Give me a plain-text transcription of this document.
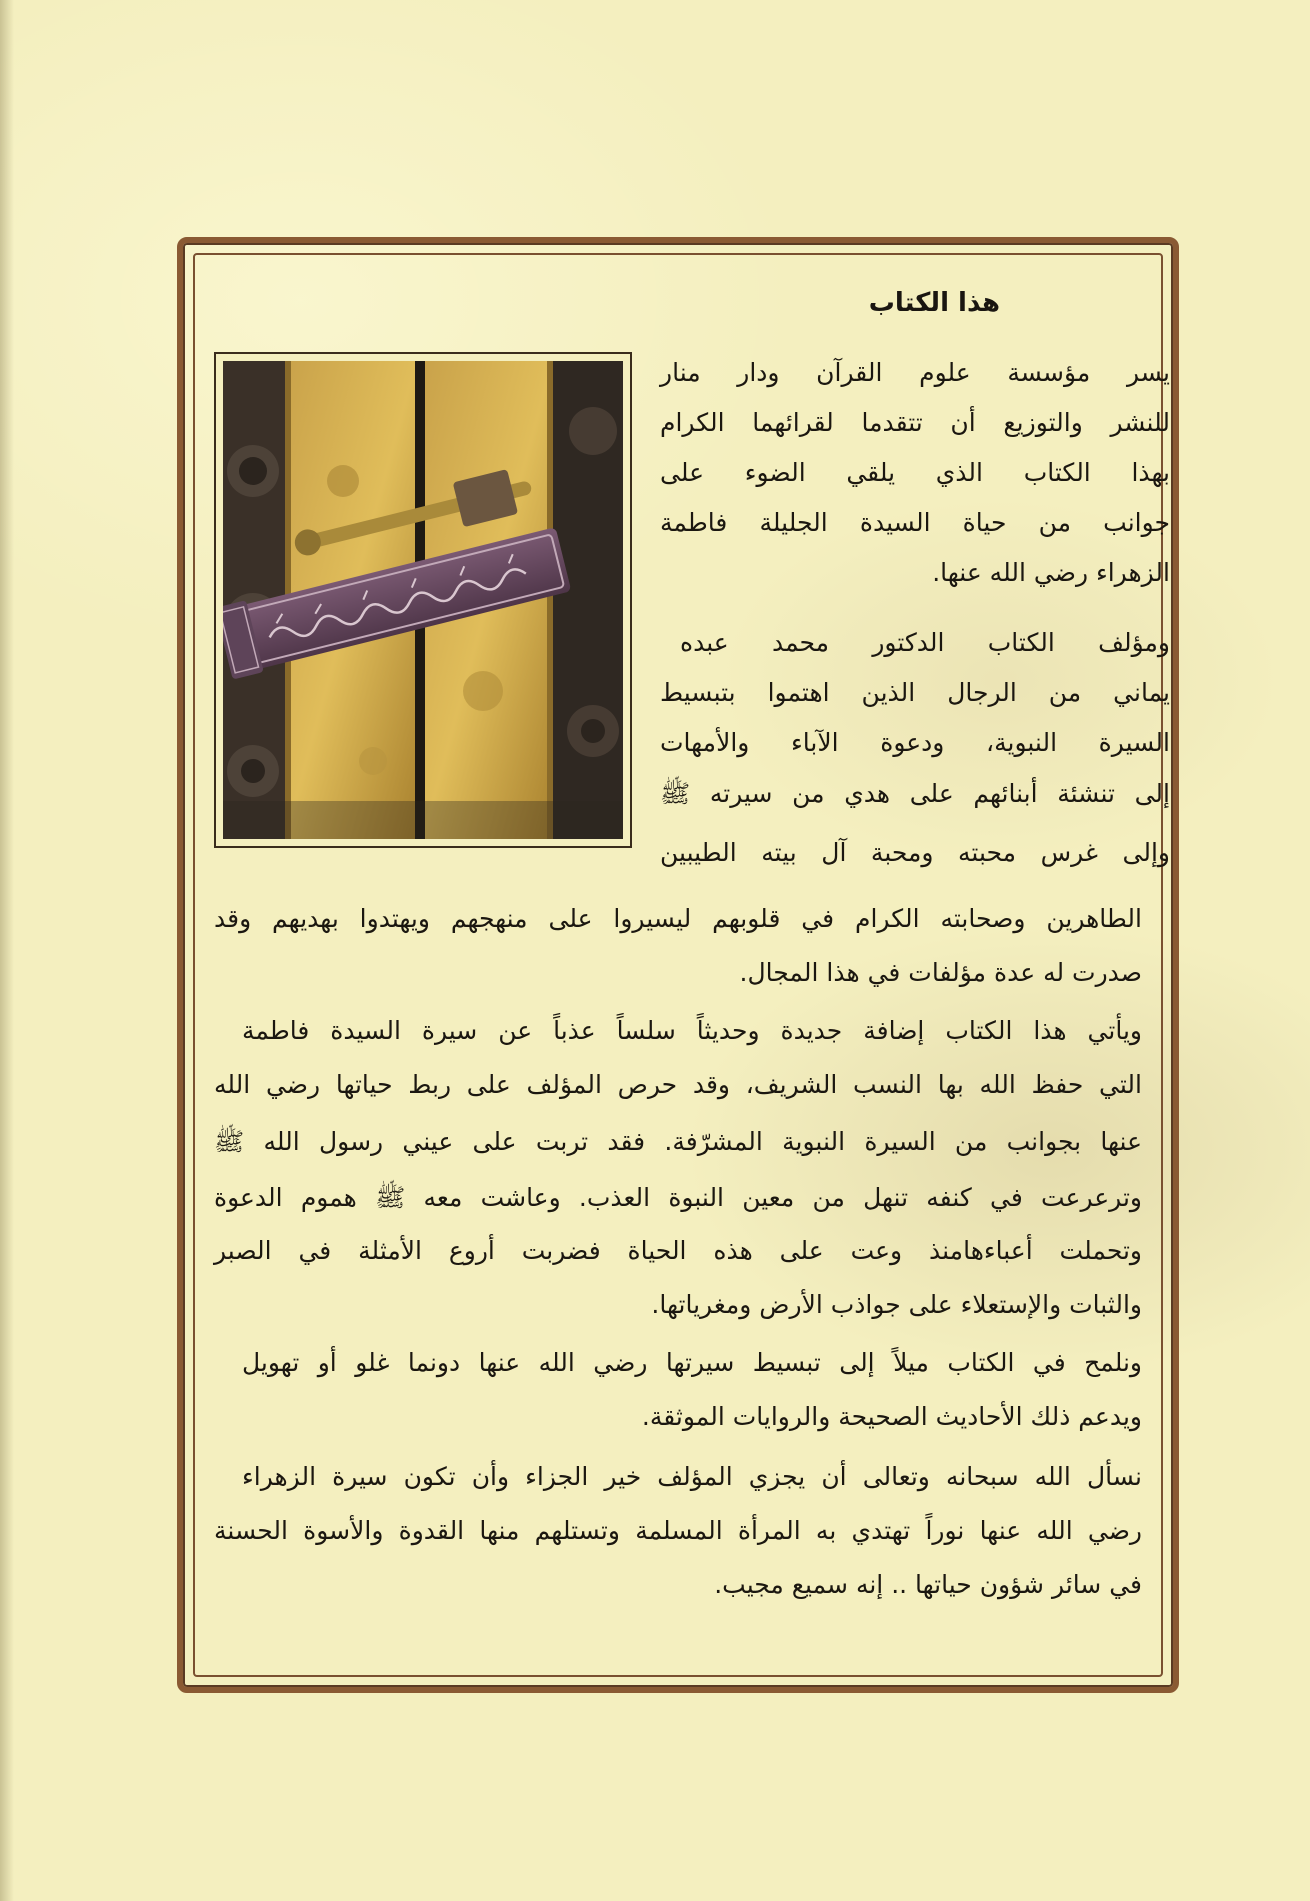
هذا الكتاب
يسر مؤسسة علوم القرآن ودار منار
للنشر والتوزيع أن تتقدما لقرائهما الكرام
بهذا الكتاب الذي يلقي الضوء على
جوانب من حياة السيدة الجليلة فاطمة
الزهراء رضي الله عنها.
ومؤلف الكتاب الدكتور محمد عبده
يماني من الرجال الذين اهتموا بتبسيط
السيرة النبوية، ودعوة الآباء والأمهات
إلى تنشئة أبنائهم على هدي من سيرته ﷺ
وإلى غرس محبته ومحبة آل بيته الطيبين
الطاهرين وصحابته الكرام في قلوبهم ليسيروا على منهجهم ويهتدوا بهديهم وقد
صدرت له عدة مؤلفات في هذا المجال.
ويأتي هذا الكتاب إضافة جديدة وحديثاً سلساً عذباً عن سيرة السيدة فاطمة
التي حفظ الله بها النسب الشريف، وقد حرص المؤلف على ربط حياتها رضي الله
عنها بجوانب من السيرة النبوية المشرّفة. فقد تربت على عيني رسول الله ﷺ
وترعرعت في كنفه تنهل من معين النبوة العذب. وعاشت معه ﷺ هموم الدعوة
وتحملت أعباءهامنذ وعت على هذه الحياة فضربت أروع الأمثلة في الصبر
والثبات والإستعلاء على جواذب الأرض ومغرياتها.
ونلمح في الكتاب ميلاً إلى تبسيط سيرتها رضي الله عنها دونما غلو أو تهويل
ويدعم ذلك الأحاديث الصحيحة والروايات الموثقة.
نسأل الله سبحانه وتعالى أن يجزي المؤلف خير الجزاء وأن تكون سيرة الزهراء
رضي الله عنها نوراً تهتدي به المرأة المسلمة وتستلهم منها القدوة والأسوة الحسنة
في سائر شؤون حياتها .. إنه سميع مجيب.
